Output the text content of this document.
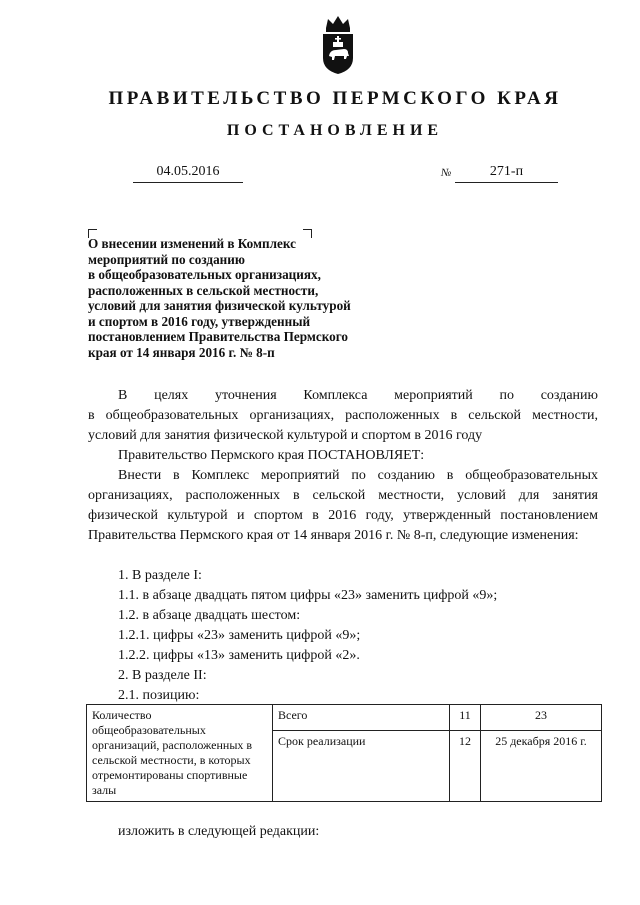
ПРАВИТЕЛЬСТВО ПЕРМСКОГО КРАЯ
ПОСТАНОВЛЕНИЕ
04.05.2016	№	271-п
О внесении изменений в Комплекс
мероприятий по созданию
в общеобразовательных организациях,
расположенных в сельской местности,
условий для занятия физической культурой
и спортом в 2016 году, утвержденный
постановлением Правительства Пермского
края от 14 января 2016 г. № 8-п
В целях уточнения Комплекса мероприятий по созданию
в общеобразовательных организациях, расположенных в сельской местности, условий для занятия физической культурой и спортом в 2016 году

Правительство Пермского края ПОСТАНОВЛЯЕТ:

Внести в Комплекс мероприятий по созданию в общеобразовательных организациях, расположенных в сельской местности, условий для занятия физической культурой и спортом в 2016 году, утвержденный постановлением Правительства Пермского края от 14 января 2016 г. № 8-п, следующие изменения:

1. В разделе I:

1.1. в абзаце двадцать пятом цифры «23» заменить цифрой «9»;

1.2. в абзаце двадцать шестом:

1.2.1. цифры «23» заменить цифрой «9»;

1.2.2. цифры «13» заменить цифрой «2».

2. В разделе II:

2.1. позицию:

Количество общеобразовательных организаций, расположенных в сельской местности, в которых отремонтированы спортивные залы	Всего	11	23
	Срок реализации	12	25 декабря 2016 г.

изложить в следующей редакции:
